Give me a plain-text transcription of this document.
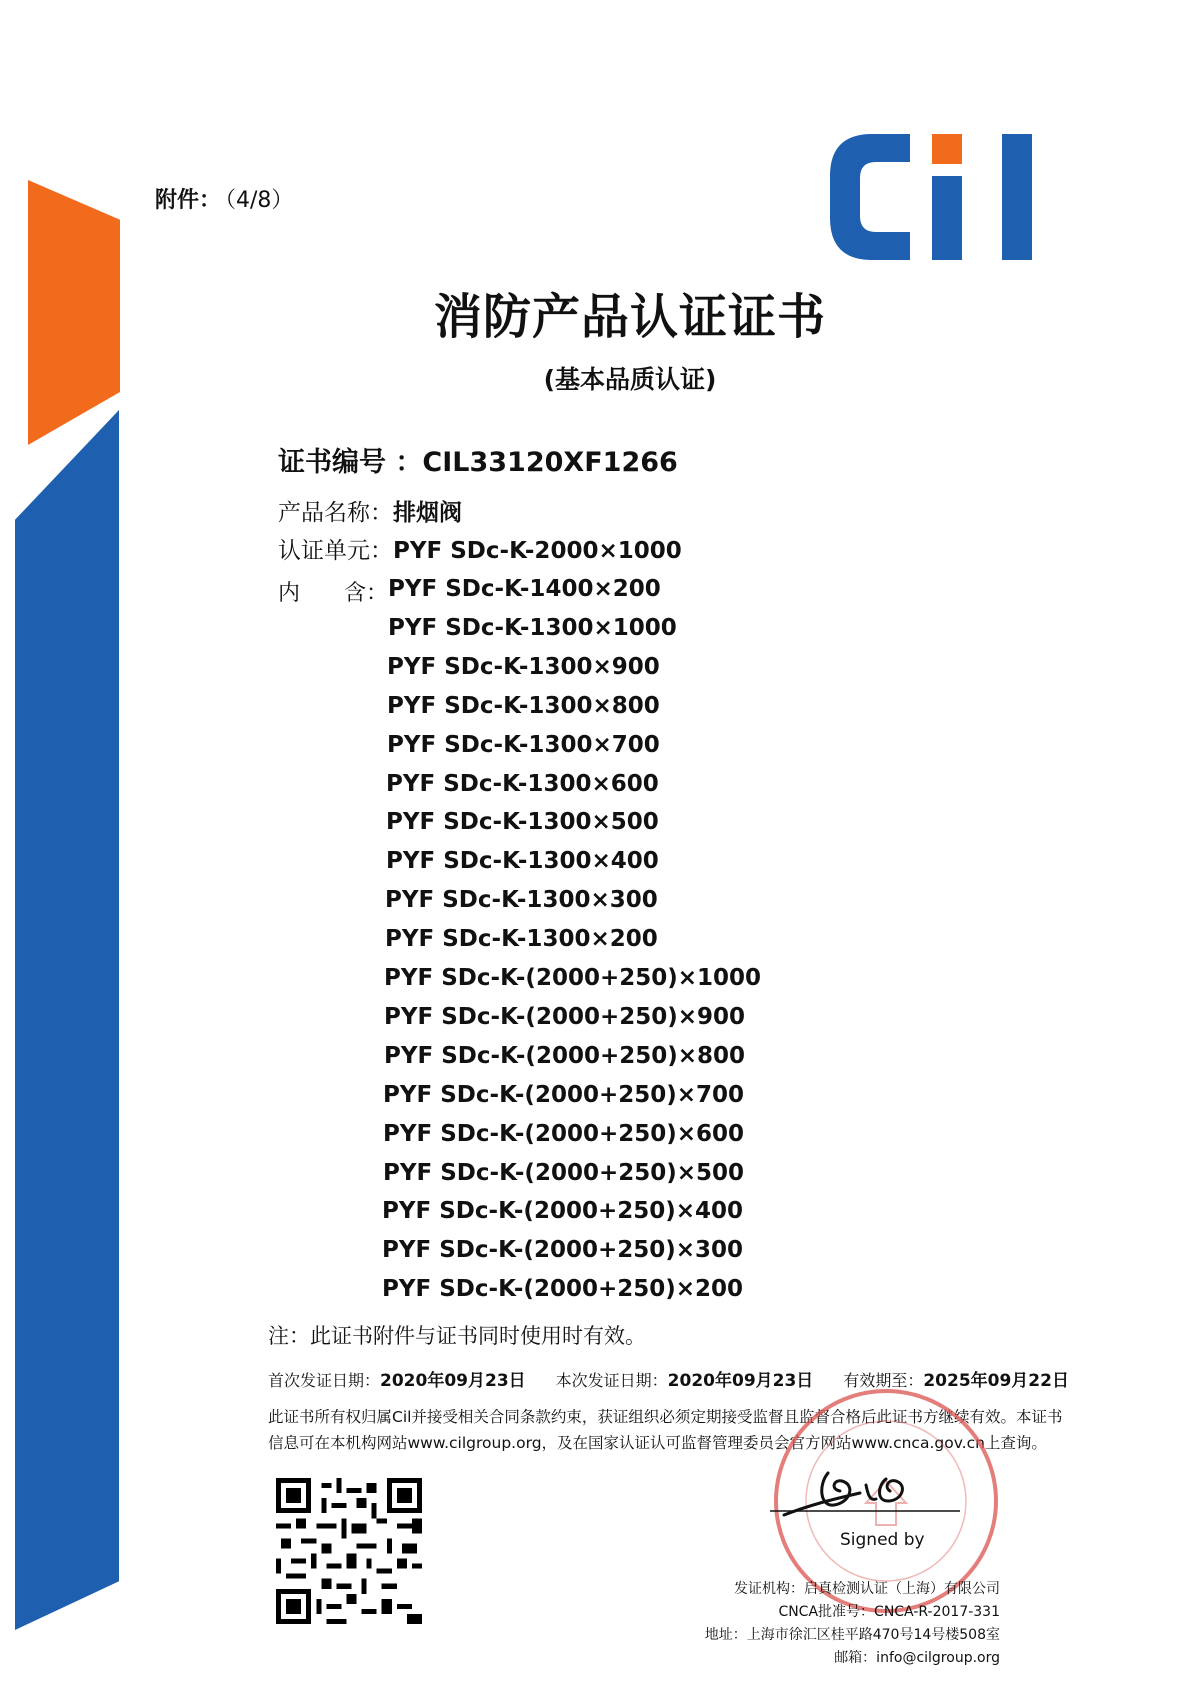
附件： （4/8）
消防产品认证证书
(基本品质认证)
证书编号 ：CIL33120XF1266
产品名称：排烟阀
认证单元：PYF SDc-K-2000×1000
内　　含： PYF SDc-K-1400×200
PYF SDc-K-1300×1000
PYF SDc-K-1300×900
PYF SDc-K-1300×800
PYF SDc-K-1300×700
PYF SDc-K-1300×600
PYF SDc-K-1300×500
PYF SDc-K-1300×400
PYF SDc-K-1300×300
PYF SDc-K-1300×200
PYF SDc-K-(2000+250)×1000
PYF SDc-K-(2000+250)×900
PYF SDc-K-(2000+250)×800
PYF SDc-K-(2000+250)×700
PYF SDc-K-(2000+250)×600
PYF SDc-K-(2000+250)×500
PYF SDc-K-(2000+250)×400
PYF SDc-K-(2000+250)×300
PYF SDc-K-(2000+250)×200
注：此证书附件与证书同时使用时有效。
首次发证日期：2020年09月23日 本次发证日期：2020年09月23日 有效期至：2025年09月22日
此证书所有权归属Cil并接受相关合同条款约束，获证组织必须定期接受监督且监督合格后此证书方继续有效。本证书信息可在本机构网站www.cilgroup.org，及在国家认证认可监督管理委员会官方网站www.cnca.gov.cn上查询。
Signed by
发证机构：启真检测认证（上海）有限公司
CNCA批准号：CNCA-R-2017-331
地址：上海市徐汇区桂平路470号14号楼508室
邮箱：info@cilgroup.org
